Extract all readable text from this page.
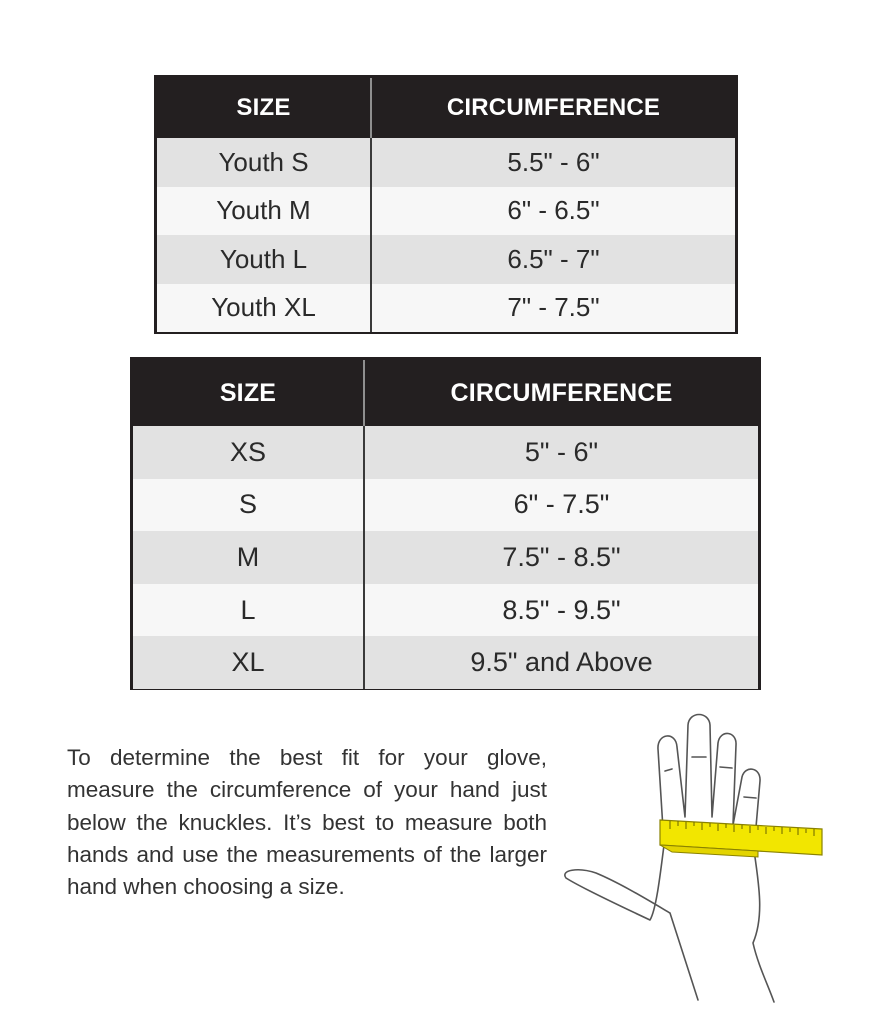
SIZE	CIRCUMFERENCE
Youth S	5.5" - 6"
Youth M	6" - 6.5"
Youth L	6.5" - 7"
Youth XL	7" - 7.5"
SIZE	CIRCUMFERENCE
XS	5" - 6"
S	6" - 7.5"
M	7.5" - 8.5"
L	8.5" - 9.5"
XL	9.5" and Above

To determine the best fit for your glove, measure the circumference of your hand just below the knuckles. It’s best to measure both hands and use the measurements of the larger hand when choosing a size.
